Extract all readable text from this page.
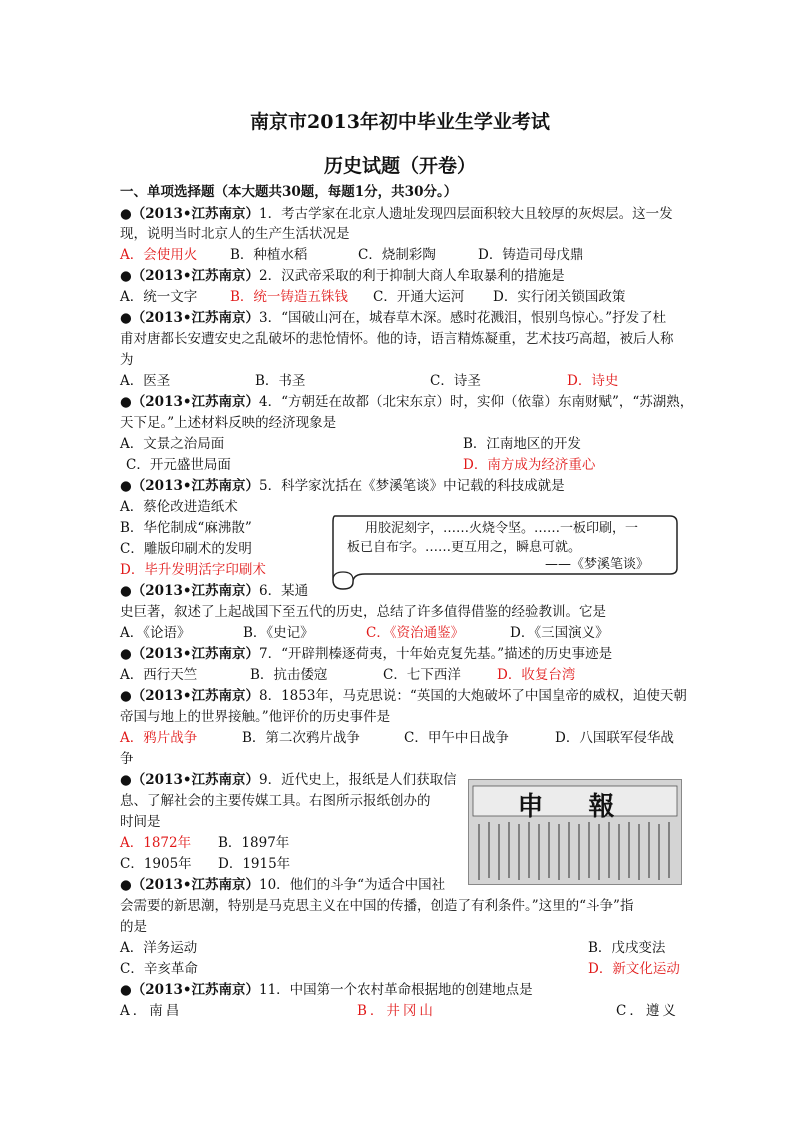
南京市2013年初中毕业生学业考试
历史试题（开卷）
一、单项选择题（本大题共30题，每题1分，共30分。）
●（2013•江苏南京）1．考古学家在北京人遗址发现四层面积较大且较厚的灰烬层。这一发
现，说明当时北京人的生产生活状况是
A．会使用火 B．种植水稻	C．烧制彩陶	D．铸造司母戊鼎
●（2013•江苏南京）2．汉武帝采取的利于抑制大商人牟取暴利的措施是
A．统一文字 B．统一铸造五铢钱 C．开通大运河 D．实行闭关锁国政策
●（2013•江苏南京）3．“国破山河在，城春草木深。感时花溅泪，恨别鸟惊心。”抒发了杜
甫对唐都长安遭安史之乱破坏的悲怆情怀。他的诗，语言精炼凝重，艺术技巧高超，被后人称
为
A．医圣	B．书圣	C．诗圣	D．诗史
●（2013•江苏南京）4．“方朝廷在故都（北宋东京）时，实仰（依靠）东南财赋”，“苏湖熟，
天下足。”上述材料反映的经济现象是
A．文景之治局面	B．江南地区的开发
C．开元盛世局面	D．南方成为经济重心
●（2013•江苏南京）5．科学家沈括在《梦溪笔谈》中记载的科技成就是
A．蔡伦改进造纸术
B．华佗制成“麻沸散”
C．雕版印刷术的发明
D．毕升发明活字印刷术
用胶泥刻字，……火烧令坚。……一板印刷，一
板已自布字。……更互用之，瞬息可就。
——《梦溪笔谈》
●（2013•江苏南京）6．某通
史巨著，叙述了上起战国下至五代的历史，总结了许多值得借鉴的经验教训。它是
A．《论语》	B．《史记》	C．《资治通鉴》	D．《三国演义》
●（2013•江苏南京）7．“开辟荆榛逐荷夷，十年始克复先基。”描述的历史事迹是
A．西行天竺	B．抗击倭寇	C．七下西洋	D．收复台湾
●（2013•江苏南京）8．1853年，马克思说：“英国的大炮破坏了中国皇帝的威权，迫使天朝
帝国与地上的世界接触。”他评价的历史事件是
A．鸦片战争	B．第二次鸦片战争	C．甲午中日战争	D．八国联军侵华战
争
●（2013•江苏南京）9．近代史上，报纸是人们获取信
息、了解社会的主要传媒工具。右图所示报纸创办的
时间是
A．1872年 B．1897年
C．1905年 D．1915年
申 報
●（2013•江苏南京）10．他们的斗争“为适合中国社
会需要的新思潮，特别是马克思主义在中国的传播，创造了有利条件。”这里的“斗争”指
的是
A．洋务运动	B．戊戌变法
C．辛亥革命	D．新文化运动
●（2013•江苏南京）11．中国第一个农村革命根据地的创建地点是
A．南昌	B．井冈山	C．遵义
